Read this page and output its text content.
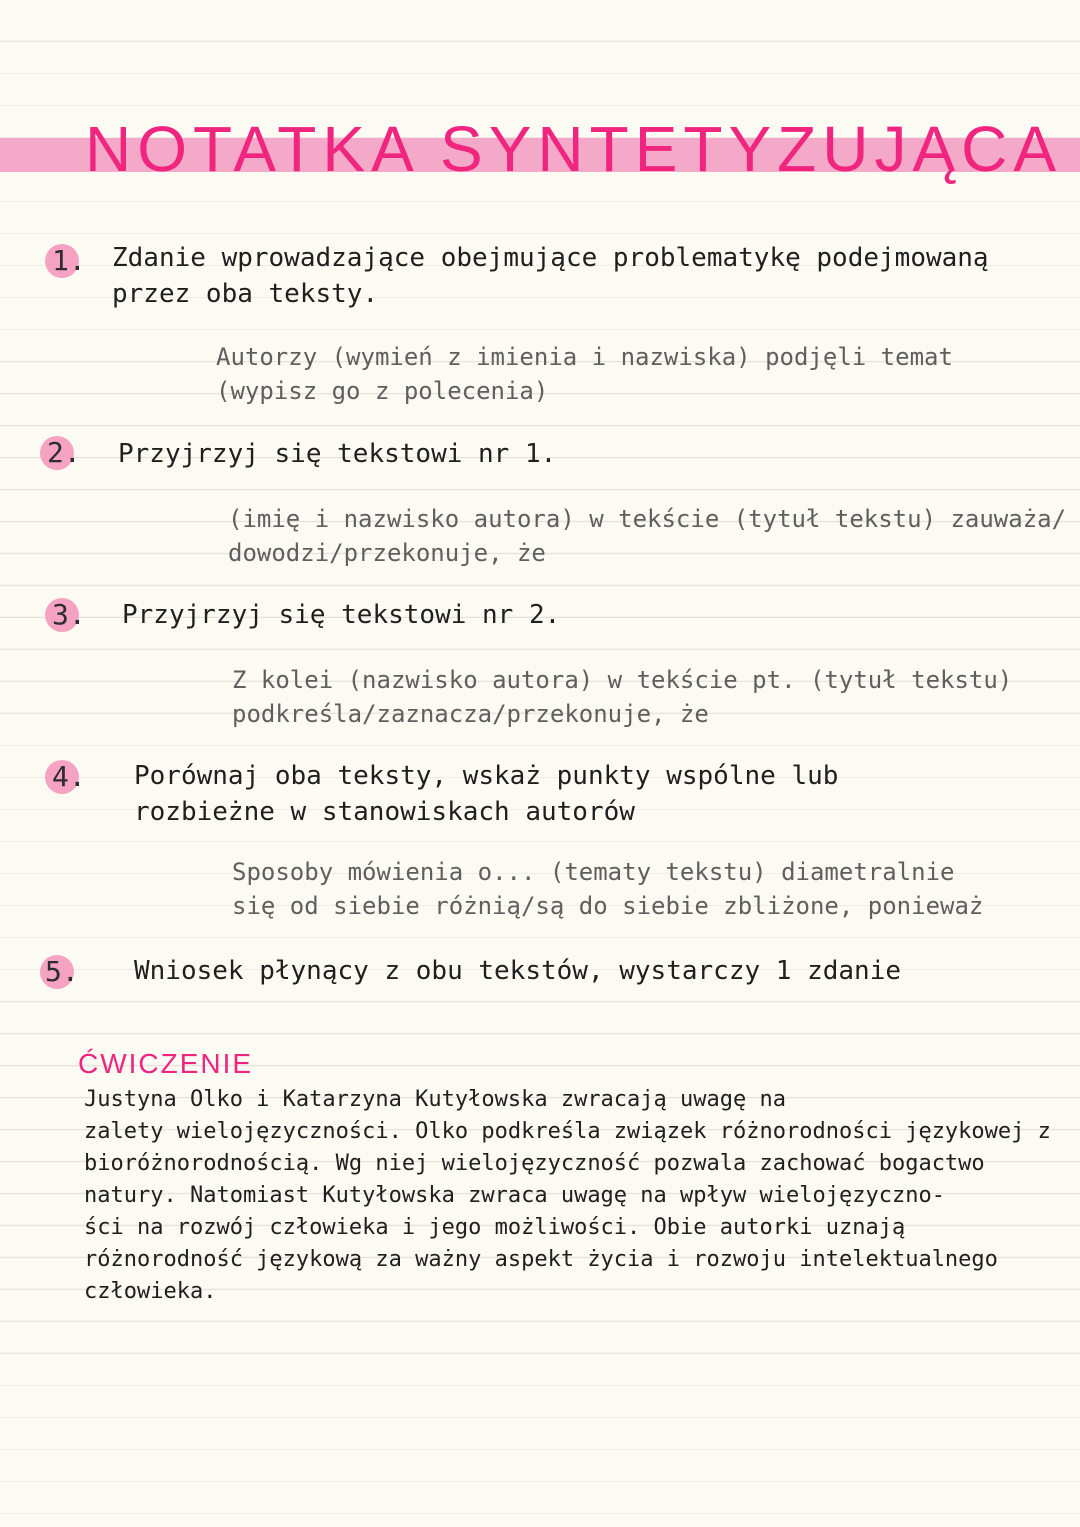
NOTATKA SYNTETYZUJĄCA
1. Zdanie wprowadzające obejmujące problematykę podejmowaną
przez oba teksty.

Autorzy (wymień z imienia i nazwiska) podjęli temat
(wypisz go z polecenia)

2. Przyjrzyj się tekstowi nr 1.

(imię i nazwisko autora) w tekście (tytuł tekstu) zauważa/
dowodzi/przekonuje, że

3. Przyjrzyj się tekstowi nr 2.

Z kolei (nazwisko autora) w tekście pt. (tytuł tekstu)
podkreśla/zaznacza/przekonuje, że

4. Porównaj oba teksty, wskaż punkty wspólne lub
rozbieżne w stanowiskach autorów

Sposoby mówienia o... (tematy tekstu) diametralnie
się od siebie różnią/są do siebie zbliżone, ponieważ

5. Wniosek płynący z obu tekstów, wystarczy 1 zdanie

ĆWICZENIE

Justyna Olko i Katarzyna Kutyłowska zwracają uwagę na
zalety wielojęzyczności. Olko podkreśla związek różnorodności językowej z
bioróżnorodnością. Wg niej wielojęzyczność pozwala zachować bogactwo
natury. Natomiast Kutyłowska zwraca uwagę na wpływ wielojęzyczno-
ści na rozwój człowieka i jego możliwości. Obie autorki uznają
różnorodność językową za ważny aspekt życia i rozwoju intelektualnego
człowieka.
